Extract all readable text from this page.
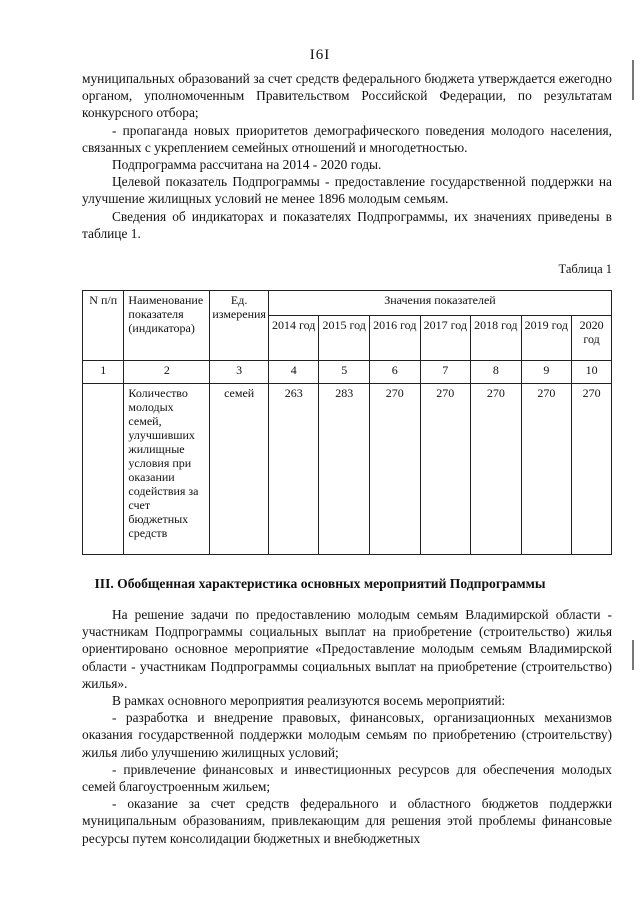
I6I

муниципальных образований за счет средств федерального бюджета утверждается ежегодно органом, уполномоченным Правительством Российской Федерации, по результатам конкурсного отбора;

- пропаганда новых приоритетов демографического поведения молодого населения, связанных с укреплением семейных отношений и многодетностью.

Подпрограмма рассчитана на 2014 - 2020 годы.

Целевой показатель Подпрограммы - предоставление государственной поддержки на улучшение жилищных условий не менее 1896 молодым семьям.

Сведения об индикаторах и показателях Подпрограммы, их значениях приведены в таблице 1.

Таблица 1
N п/п	Наименование показателя (индикатора)	Ед. измерения	Значения показателей						
			2014 год	2015 год	2016 год	2017 год	2018 год	2019 год	2020 год
1	2	3	4	5	6	7	8	9	10
	Количество молодых семей, улучшивших жилищные условия при оказании содействия за счет бюджетных средств	семей	263	283	270	270	270	270	270
III. Обобщенная характеристика основных мероприятий Подпрограммы

На решение задачи по предоставлению молодым семьям Владимирской области - участникам Подпрограммы социальных выплат на приобретение (строительство) жилья ориентировано основное мероприятие «Предоставление молодым семьям Владимирской области - участникам Подпрограммы социальных выплат на приобретение (строительство) жилья».

В рамках основного мероприятия реализуются восемь мероприятий:

- разработка и внедрение правовых, финансовых, организационных механизмов оказания государственной поддержки молодым семьям по приобретению (строительству) жилья либо улучшению жилищных условий;

- привлечение финансовых и инвестиционных ресурсов для обеспечения молодых семей благоустроенным жильем;

- оказание за счет средств федерального и областного бюджетов поддержки муниципальным образованиям, привлекающим для решения этой проблемы финансовые ресурсы путем консолидации бюджетных и внебюджетных
